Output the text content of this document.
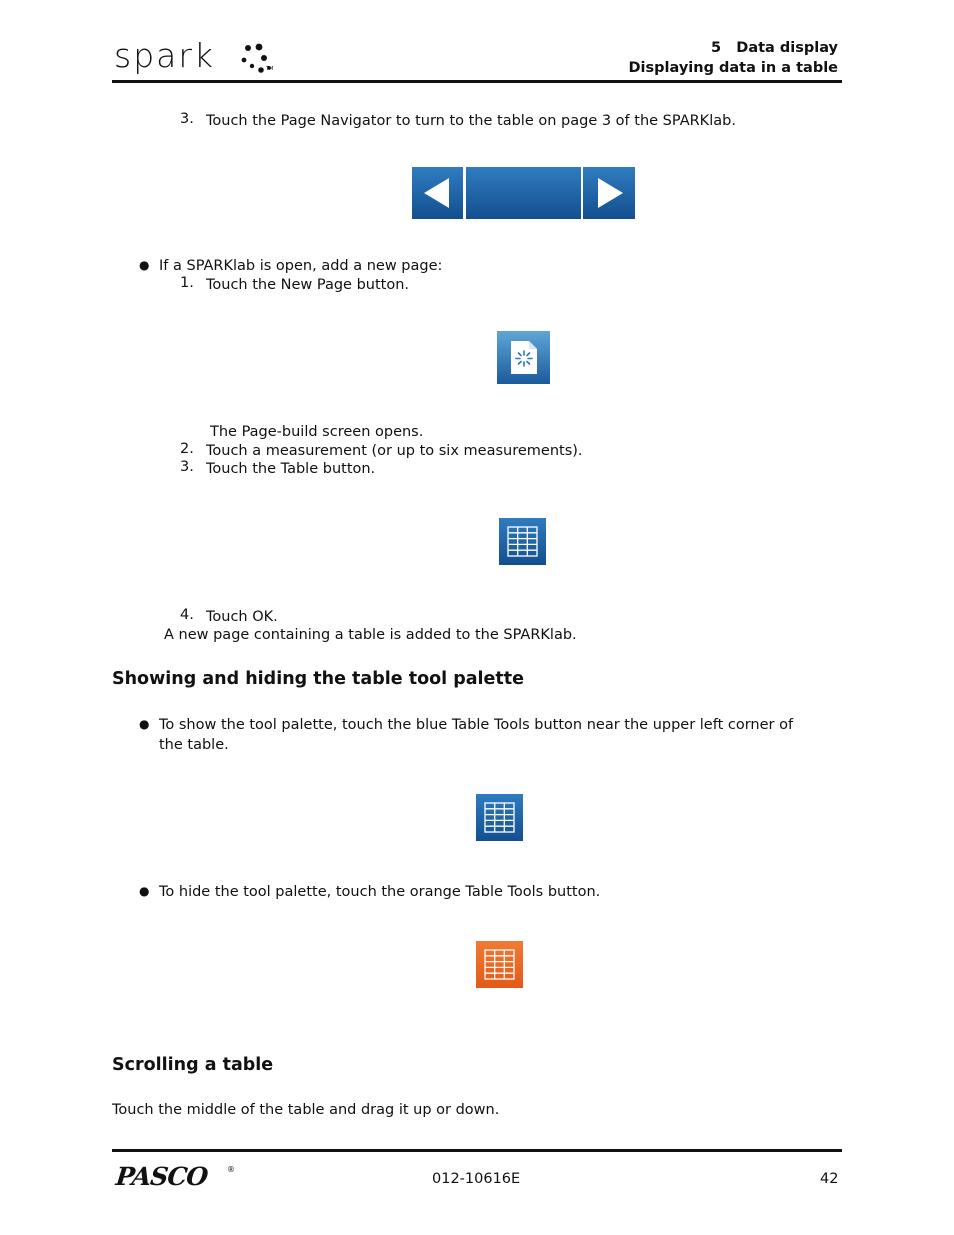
spark	TM
5   Data display
Displaying data in a table
3. Touch the Page Navigator to turn to the table on page 3 of the SPARKlab.
● If a SPARKlab is open, add a new page:
1. Touch the New Page button.
The Page-build screen opens.
2. Touch a measurement (or up to six measurements).
3. Touch the Table button.
4. Touch OK.
A new page containing a table is added to the SPARKlab.
Showing and hiding the table tool palette
● To show the tool palette, touch the blue Table Tools button near the upper left corner of
the table.
● To hide the tool palette, touch the orange Table Tools button.
Scrolling a table
Touch the middle of the table and drag it up or down.
PASCO ®
012-10616E	42
